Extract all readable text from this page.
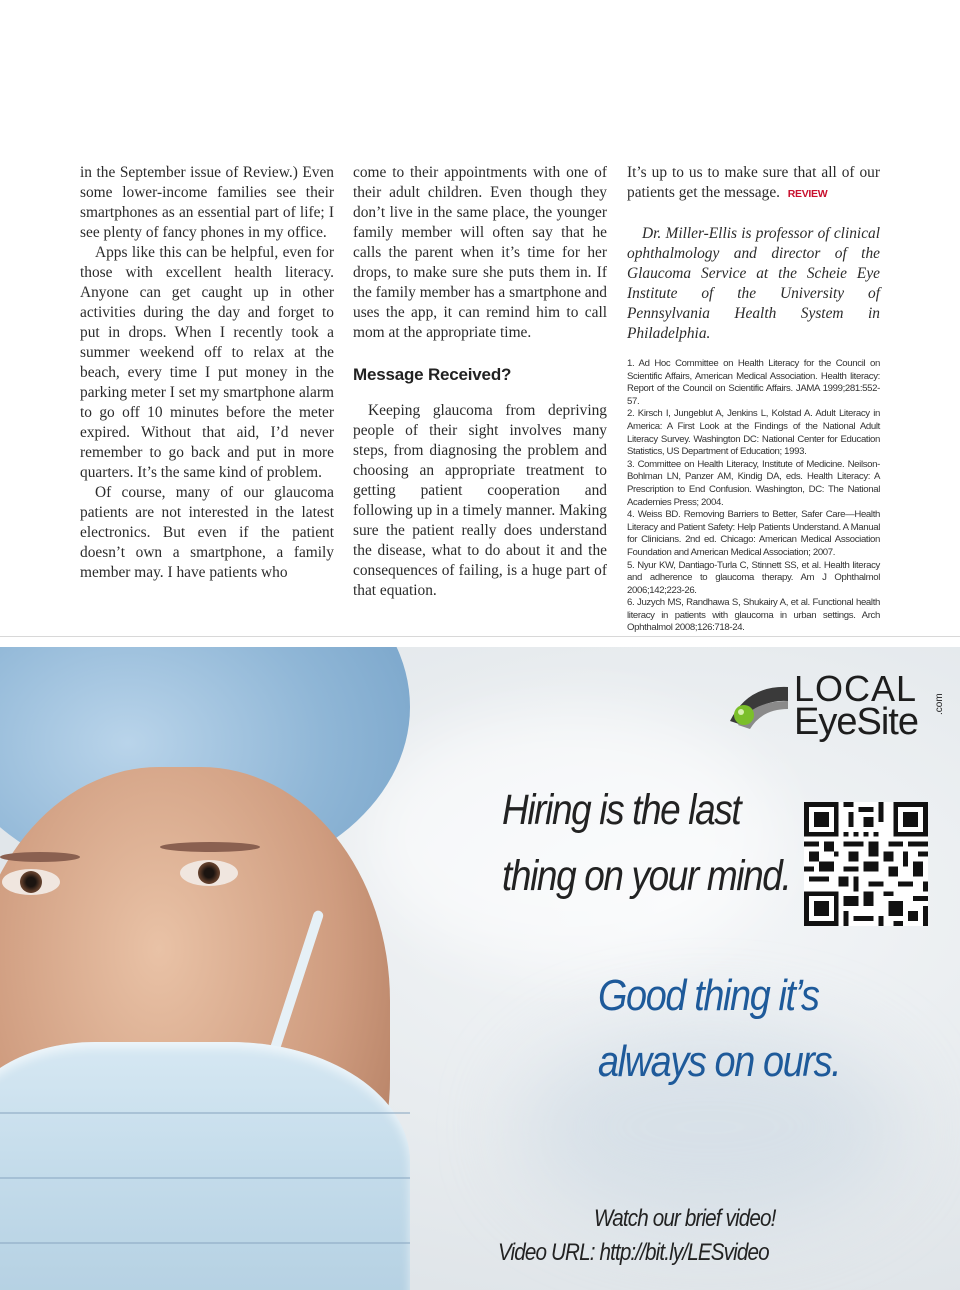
in the September issue of Review.) Even some lower-income families see their smartphones as an essential part of life; I see plenty of fancy phones in my office.

Apps like this can be helpful, even for those with excellent health literacy. Anyone can get caught up in other activities during the day and forget to put in drops. When I recently took a summer weekend off to relax at the beach, every time I put money in the parking meter I set my smartphone alarm to go off 10 minutes before the meter expired. Without that aid, I’d never remember to go back and put in more quarters. It’s the same kind of problem.

Of course, many of our glaucoma patients are not interested in the latest electronics. But even if the patient doesn’t own a smartphone, a family member may. I have patients who

come to their appointments with one of their adult children. Even though they don’t live in the same place, the younger family member will often say that he calls the parent when it’s time for her drops, to make sure she puts them in. If the family member has a smartphone and uses the app, it can remind him to call mom at the appropriate time.

Message Received?

Keeping glaucoma from depriving people of their sight involves many steps, from diagnosing the problem and choosing an appropriate treatment to getting patient cooperation and following up in a timely manner. Making sure the patient really does understand the disease, what to do about it and the consequences of failing, is a huge part of that equation.

It’s up to us to make sure that all of our patients get the message. REVIEW

Dr. Miller-Ellis is professor of clinical ophthalmology and director of the Glaucoma Service at the Scheie Eye Institute of the University of Pennsylvania Health System in Philadelphia.

1. Ad Hoc Committee on Health Literacy for the Council on Scientific Affairs, American Medical Association. Health literacy: Report of the Council on Scientific Affairs. JAMA 1999;281:552-57.
2. Kirsch I, Jungeblut A, Jenkins L, Kolstad A. Adult Literacy in America: A First Look at the Findings of the National Adult Literacy Survey. Washington DC: National Center for Education Statistics, US Department of Education; 1993.
3. Committee on Health Literacy, Institute of Medicine. Neilson-Bohlman LN, Panzer AM, Kindig DA, eds. Health Literacy: A Prescription to End Confusion. Washington, DC: The National Academies Press; 2004.
4. Weiss BD. Removing Barriers to Better, Safer Care—Health Literacy and Patient Safety: Help Patients Understand. A Manual for Clinicians. 2nd ed. Chicago: American Medical Association Foundation and American Medical Association; 2007.
5. Nyur KW, Dantiago-Turla C, Stinnett SS, et al. Health literacy and adherence to glaucoma therapy. Am J Ophthalmol 2006;142;223-26.
6. Juzych MS, Randhawa S, Shukairy A, et al. Functional health literacy in patients with glaucoma in urban settings. Arch Ophthalmol 2008;126:718-24.
LOCAL
EyeSite .com
Hiring is the last
thing on your mind.
Good thing it’s
always on ours.
Watch our brief video!
Video URL: http://bit.ly/LESvideo
